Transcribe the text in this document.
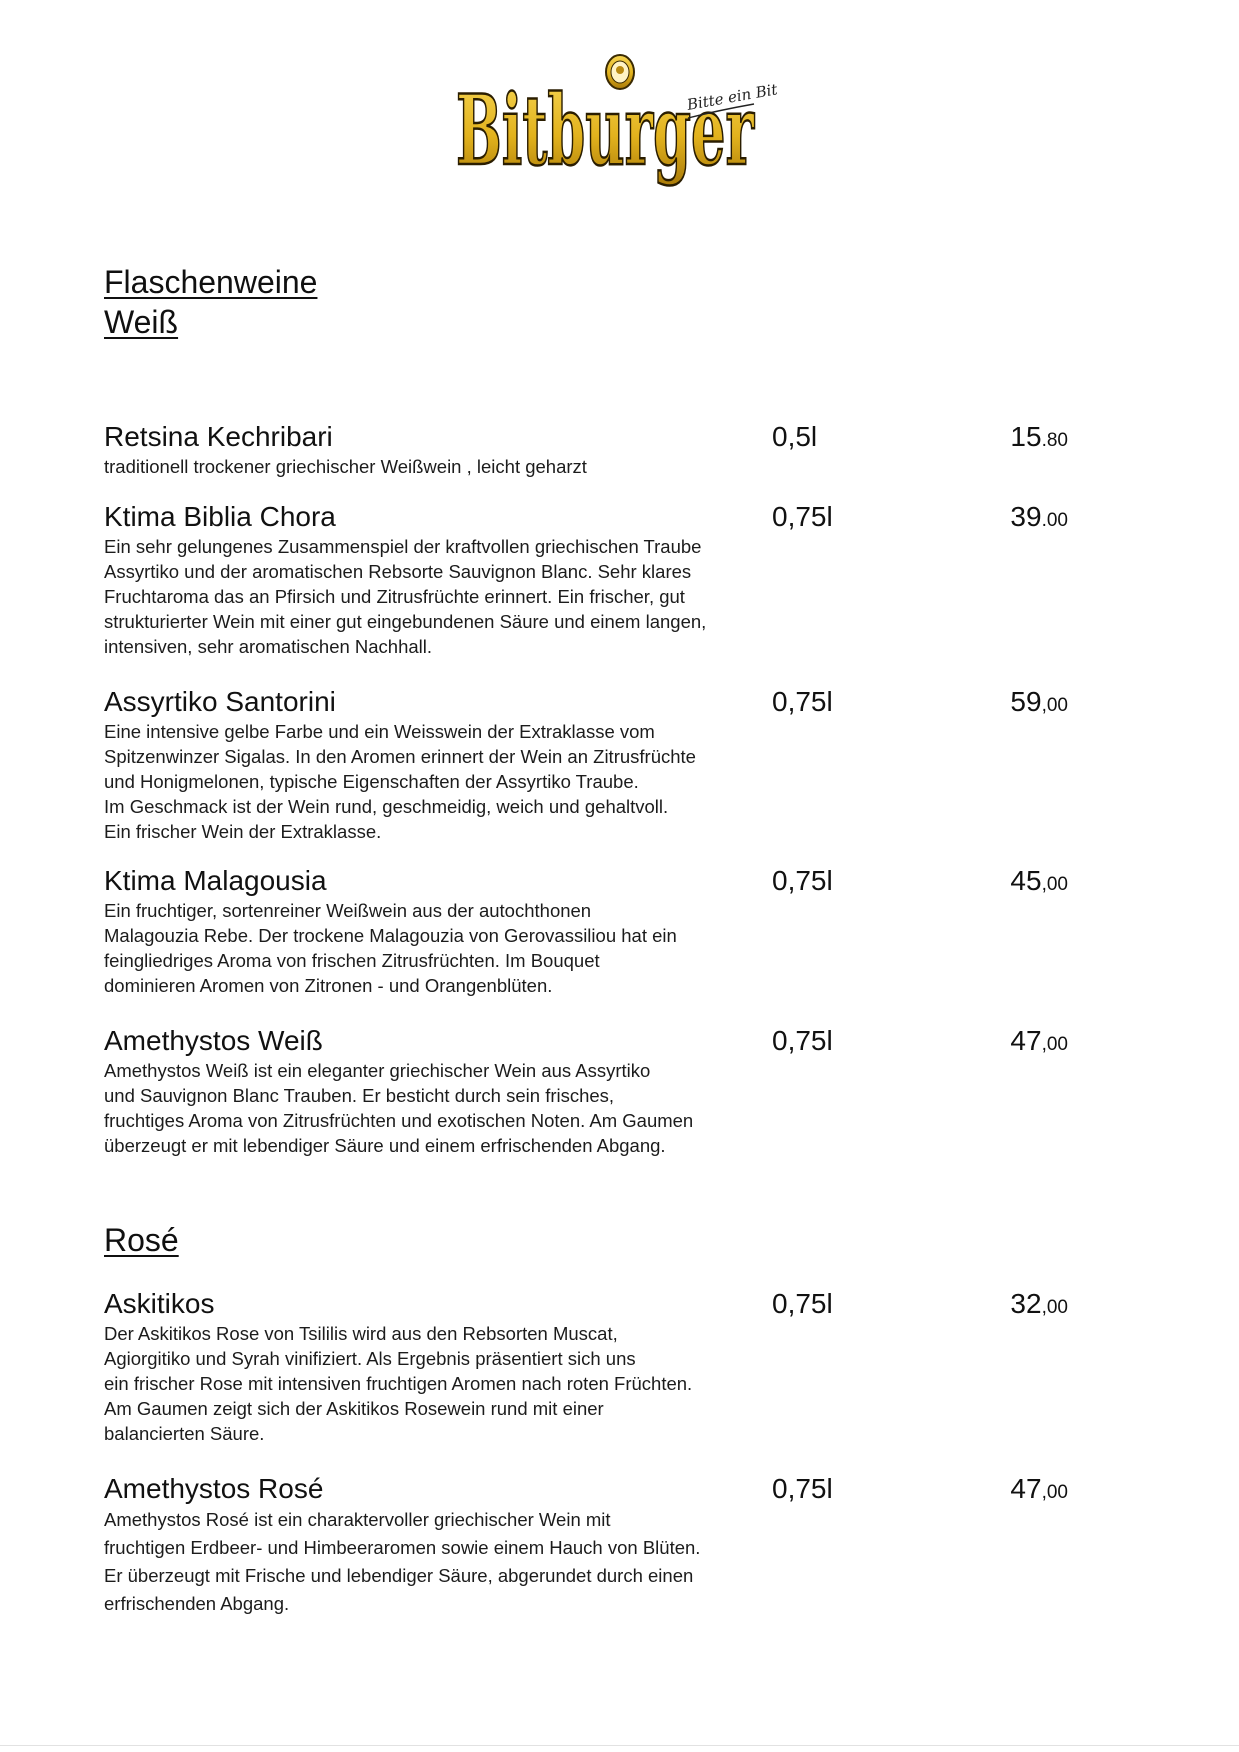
Bitburger
Bitte ein Bit
Flaschenweine
Weiß
Retsina Kechribari	0,5l	15.80

traditionell trockener griechischer Weißwein , leicht geharzt

Ktima Biblia Chora	0,75l	39.00

Ein sehr gelungenes Zusammenspiel der kraftvollen griechischen Traube
Assyrtiko und der aromatischen Rebsorte Sauvignon Blanc. Sehr klares
Fruchtaroma das an Pfirsich und Zitrusfrüchte erinnert. Ein frischer, gut
strukturierter Wein mit einer gut eingebundenen Säure und einem langen,
intensiven, sehr aromatischen Nachhall.

Assyrtiko Santorini	0,75l	59,00

Eine intensive gelbe Farbe und ein Weisswein der Extraklasse vom
Spitzenwinzer Sigalas. In den Aromen erinnert der Wein an Zitrusfrüchte
und Honigmelonen, typische Eigenschaften der Assyrtiko Traube.
Im Geschmack ist der Wein rund, geschmeidig, weich und gehaltvoll.
Ein frischer Wein der Extraklasse.

Ktima Malagousia	0,75l	45,00

Ein fruchtiger, sortenreiner Weißwein aus der autochthonen
Malagouzia Rebe. Der trockene Malagouzia von Gerovassiliou hat ein
feingliedriges Aroma von frischen Zitrusfrüchten. Im Bouquet
dominieren Aromen von Zitronen - und Orangenblüten.

Amethystos Weiß	0,75l	47,00

Amethystos Weiß ist ein eleganter griechischer Wein aus Assyrtiko
und Sauvignon Blanc Trauben. Er besticht durch sein frisches,
fruchtiges Aroma von Zitrusfrüchten und exotischen Noten. Am Gaumen
überzeugt er mit lebendiger Säure und einem erfrischenden Abgang.

Rosé
Askitikos	0,75l	32,00

Der Askitikos Rose von Tsililis wird aus den Rebsorten Muscat,
Agiorgitiko und Syrah vinifiziert. Als Ergebnis präsentiert sich uns
ein frischer Rose mit intensiven fruchtigen Aromen nach roten Früchten.
Am Gaumen zeigt sich der Askitikos Rosewein rund mit einer
balancierten Säure.

Amethystos Rosé	0,75l	47,00

Amethystos Rosé ist ein charaktervoller griechischer Wein mit
fruchtigen Erdbeer- und Himbeeraromen sowie einem Hauch von Blüten.
Er überzeugt mit Frische und lebendiger Säure, abgerundet durch einen
erfrischenden Abgang.
